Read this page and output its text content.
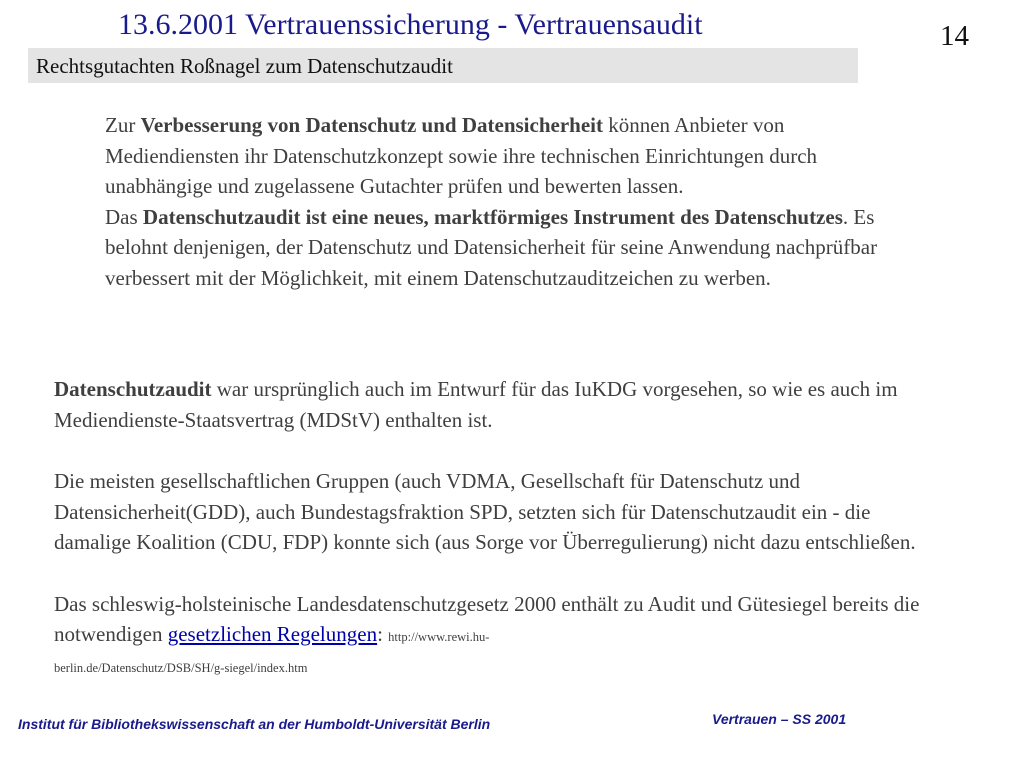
13.6.2001 Vertrauenssicherung - Vertrauensaudit	14
Rechtsgutachten Roßnagel zum Datenschutzaudit

Zur Verbesserung von Datenschutz und Datensicherheit können Anbieter von Mediendiensten ihr Datenschutzkonzept sowie ihre technischen Einrichtungen durch unabhängige und zugelassene Gutachter prüfen und bewerten lassen.

Das Datenschutzaudit ist eine neues, marktförmiges Instrument des Datenschutzes. Es belohnt denjenigen, der Datenschutz und Datensicherheit für seine Anwendung nachprüfbar verbessert mit der Möglichkeit, mit einem Datenschutzauditzeichen zu werben.

Datenschutzaudit war ursprünglich auch im Entwurf für das IuKDG vorgesehen, so wie es auch im Mediendienste-Staatsvertrag (MDStV) enthalten ist.

Die meisten gesellschaftlichen Gruppen (auch VDMA, Gesellschaft für Datenschutz und Datensicherheit(GDD), auch Bundestagsfraktion SPD, setzten sich für Datenschutzaudit ein - die damalige Koalition (CDU, FDP) konnte sich (aus Sorge vor Überregulierung) nicht dazu entschließen.

Das schleswig-holsteinische Landesdatenschutzgesetz 2000 enthält zu Audit und Gütesiegel bereits die notwendigen gesetzlichen Regelungen: http://www.rewi.hu-
berlin.de/Datenschutz/DSB/SH/g-siegel/index.htm

Institut für Bibliothekswissenschaft an der Humboldt-Universität Berlin	Vertrauen – SS 2001
